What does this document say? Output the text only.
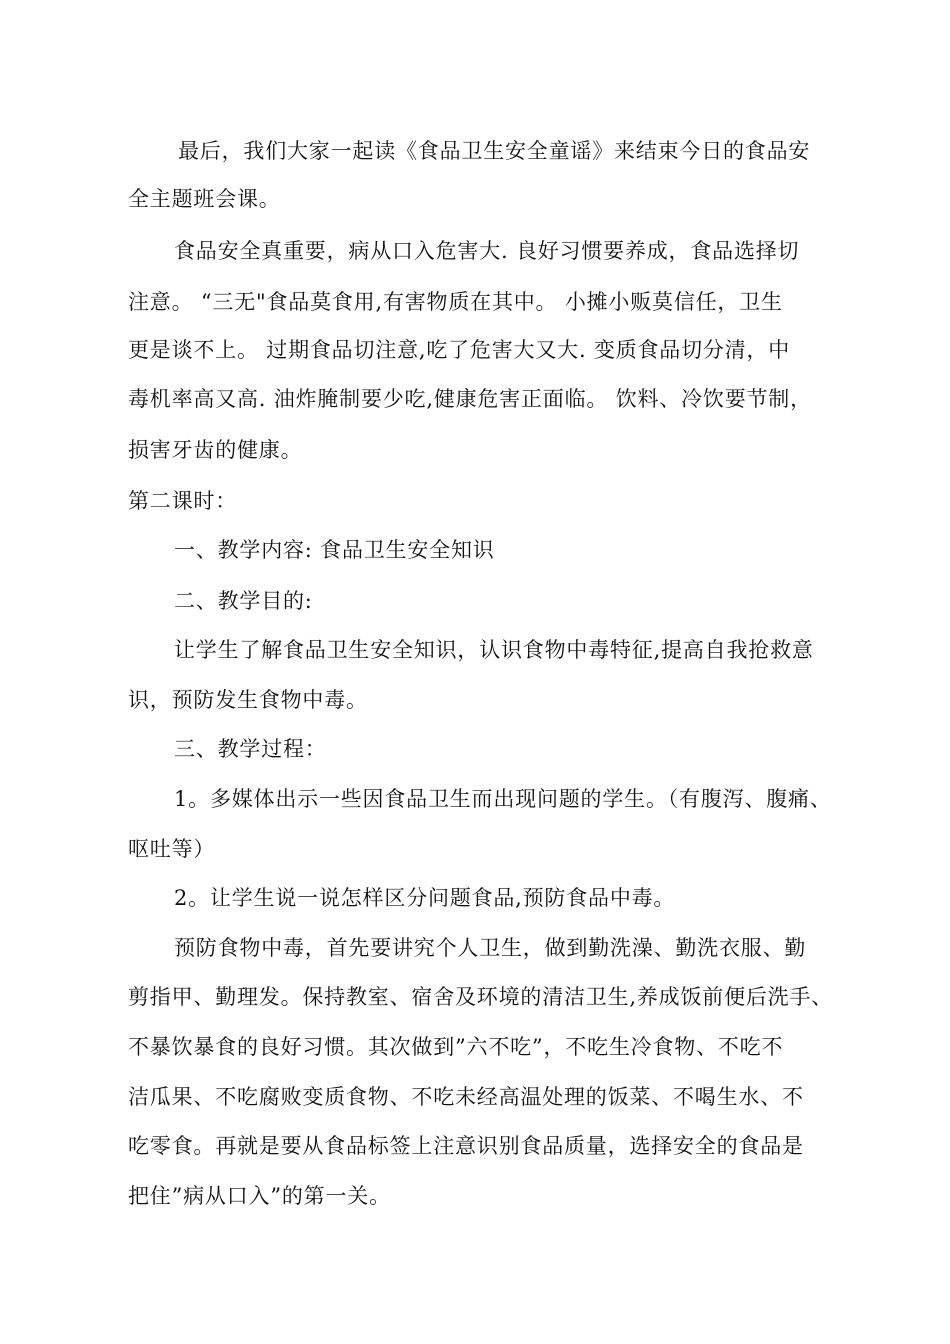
最后，我们大家一起读《食品卫生安全童谣》来结束今日的食品安
全主题班会课。
食品安全真重要，病从口入危害大. 良好习惯要养成，食品选择切
注意。 “三无"食品莫食用,有害物质在其中。 小摊小贩莫信任，卫生
更是谈不上。 过期食品切注意,吃了危害大又大. 变质食品切分清，中
毒机率高又高. 油炸腌制要少吃,健康危害正面临。 饮料、冷饮要节制，
损害牙齿的健康。
第二课时：
一、教学内容: 食品卫生安全知识
二、教学目的:
让学生了解食品卫生安全知识，认识食物中毒特征,提高自我抢救意
识，预防发生食物中毒。
三、教学过程：
1。多媒体出示一些因食品卫生而出现问题的学生。（有腹泻、腹痛、
呕吐等）
2。让学生说一说怎样区分问题食品,预防食品中毒。
预防食物中毒，首先要讲究个人卫生，做到勤洗澡、勤洗衣服、勤
剪指甲、勤理发。保持教室、宿舍及环境的清洁卫生,养成饭前便后洗手、
不暴饮暴食的良好习惯。其次做到”六不吃”，不吃生冷食物、不吃不
洁瓜果、不吃腐败变质食物、不吃未经高温处理的饭菜、不喝生水、不
吃零食。再就是要从食品标签上注意识别食品质量，选择安全的食品是
把住”病从口入”的第一关。
